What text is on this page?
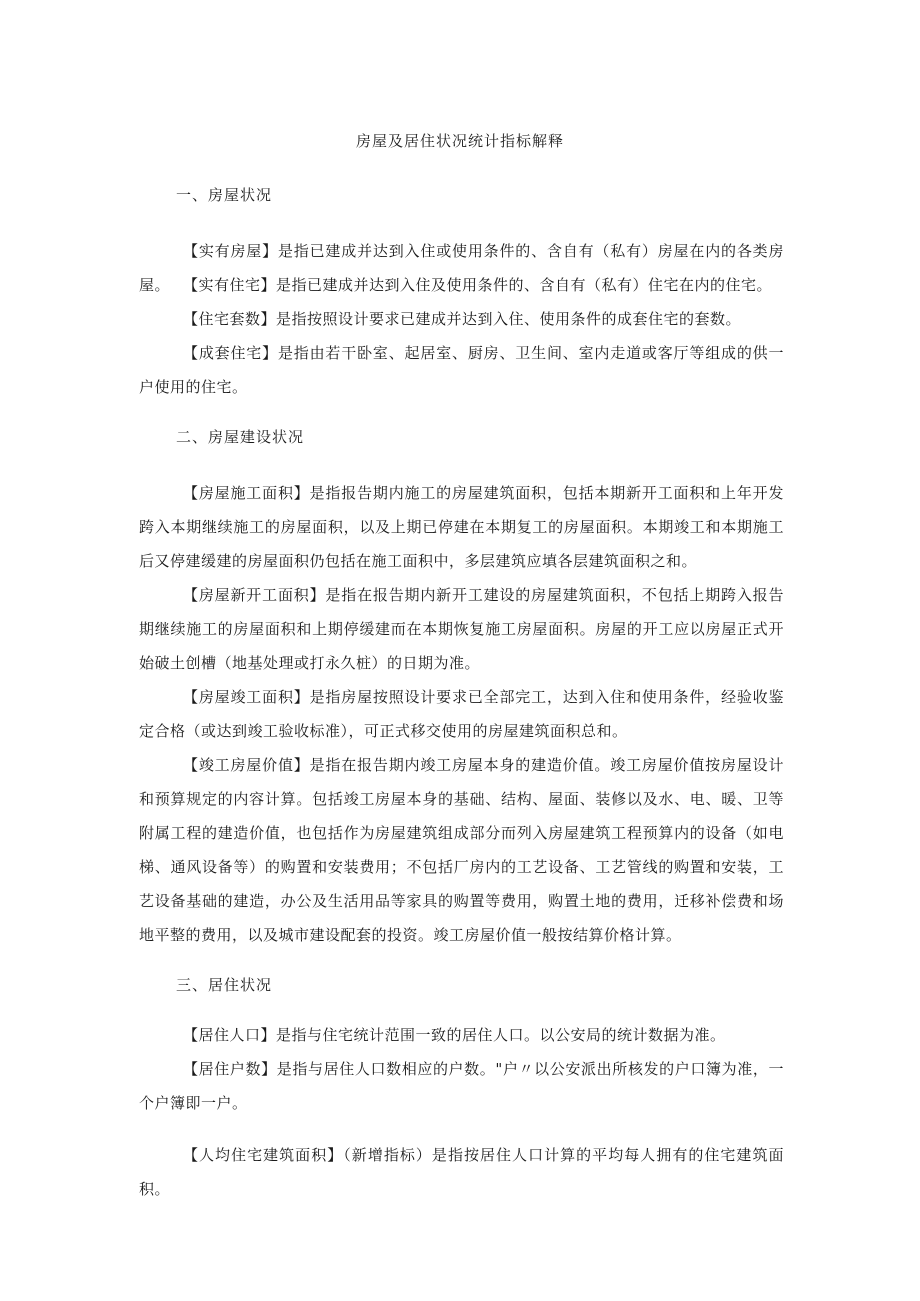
房屋及居住状况统计指标解释
一、房屋状况

【实有房屋】是指已建成并达到入住或使用条件的、含自有（私有）房屋在内的各类房屋。 【实有住宅】是指已建成并达到入住及使用条件的、含自有（私有）住宅在内的住宅。

【住宅套数】是指按照设计要求已建成并达到入住、使用条件的成套住宅的套数。

【成套住宅】是指由若干卧室、起居室、厨房、卫生间、室内走道或客厅等组成的供一户使用的住宅。

二、房屋建设状况

【房屋施工面积】是指报告期内施工的房屋建筑面积，包括本期新开工面积和上年开发跨入本期继续施工的房屋面积，以及上期已停建在本期复工的房屋面积。本期竣工和本期施工后又停建缓建的房屋面积仍包括在施工面积中，多层建筑应填各层建筑面积之和。

【房屋新开工面积】是指在报告期内新开工建设的房屋建筑面积，不包括上期跨入报告期继续施工的房屋面积和上期停缓建而在本期恢复施工房屋面积。房屋的开工应以房屋正式开始破土创槽（地基处理或打永久桩）的日期为准。

【房屋竣工面积】是指房屋按照设计要求已全部完工，达到入住和使用条件，经验收鉴定合格（或达到竣工验收标准），可正式移交使用的房屋建筑面积总和。

【竣工房屋价值】是指在报告期内竣工房屋本身的建造价值。竣工房屋价值按房屋设计和预算规定的内容计算。包括竣工房屋本身的基础、结构、屋面、装修以及水、电、暖、卫等附属工程的建造价值，也包括作为房屋建筑组成部分而列入房屋建筑工程预算内的设备（如电梯、通风设备等）的购置和安装费用；不包括厂房内的工艺设备、工艺管线的购置和安装，工艺设备基础的建造，办公及生活用品等家具的购置等费用，购置土地的费用，迁移补偿费和场地平整的费用，以及城市建设配套的投资。竣工房屋价值一般按结算价格计算。

三、居住状况

【居住人口】是指与住宅统计范围一致的居住人口。以公安局的统计数据为准。

【居住户数】是指与居住人口数相应的户数。"户〃以公安派出所核发的户口簿为准，一个户簿即一户。

【人均住宅建筑面积】（新增指标）是指按居住人口计算的平均每人拥有的住宅建筑面积。
